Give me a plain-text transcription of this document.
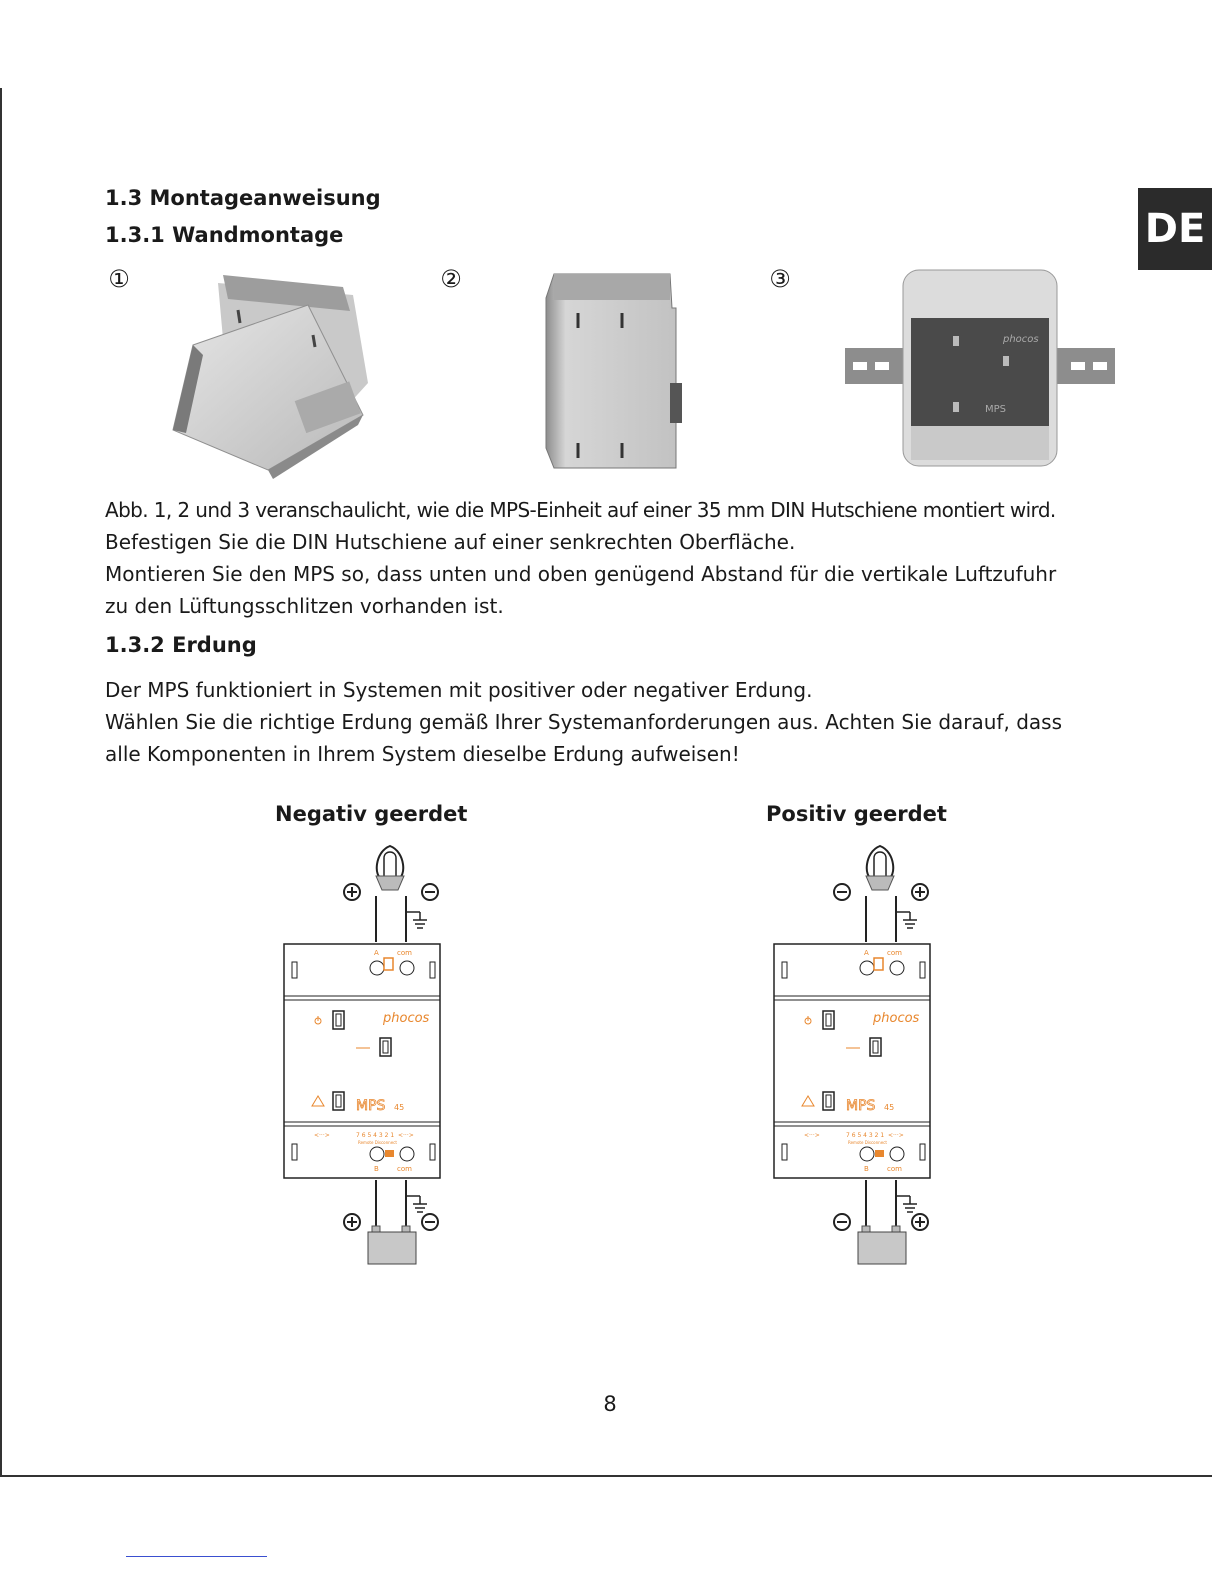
DE
1.3 Montageanweisung
1.3.1 Wandmontage
①	②	③
phocos
MPS

Abb. 1, 2 und 3 veranschaulicht, wie die MPS-Einheit auf einer 35 mm DIN Hutschiene montiert wird.
Befestigen Sie die DIN Hutschiene auf einer senkrechten Oberfläche.
Montieren Sie den MPS so, dass unten und oben genügend Abstand für die vertikale Luftzufuhr
zu den Lüftungsschlitzen vorhanden ist.

1.3.2 Erdung

Der MPS funktioniert in Systemen mit positiver oder negativer Erdung.
Wählen Sie die richtige Erdung gemäß Ihrer Systemanforderungen aus. Achten Sie darauf, dass
alle Komponenten in Ihrem System dieselbe Erdung aufweisen!

Negativ geerdet	Positiv geerdet
A	com
B	com
<···>	7 6 5 4 3 2 1 <···>
Remote Disconnect
phocos
MPS 45
A	com
B	com
<···>	7 6 5 4 3 2 1 <···>
Remote Disconnect
phocos
MPS 45
8
